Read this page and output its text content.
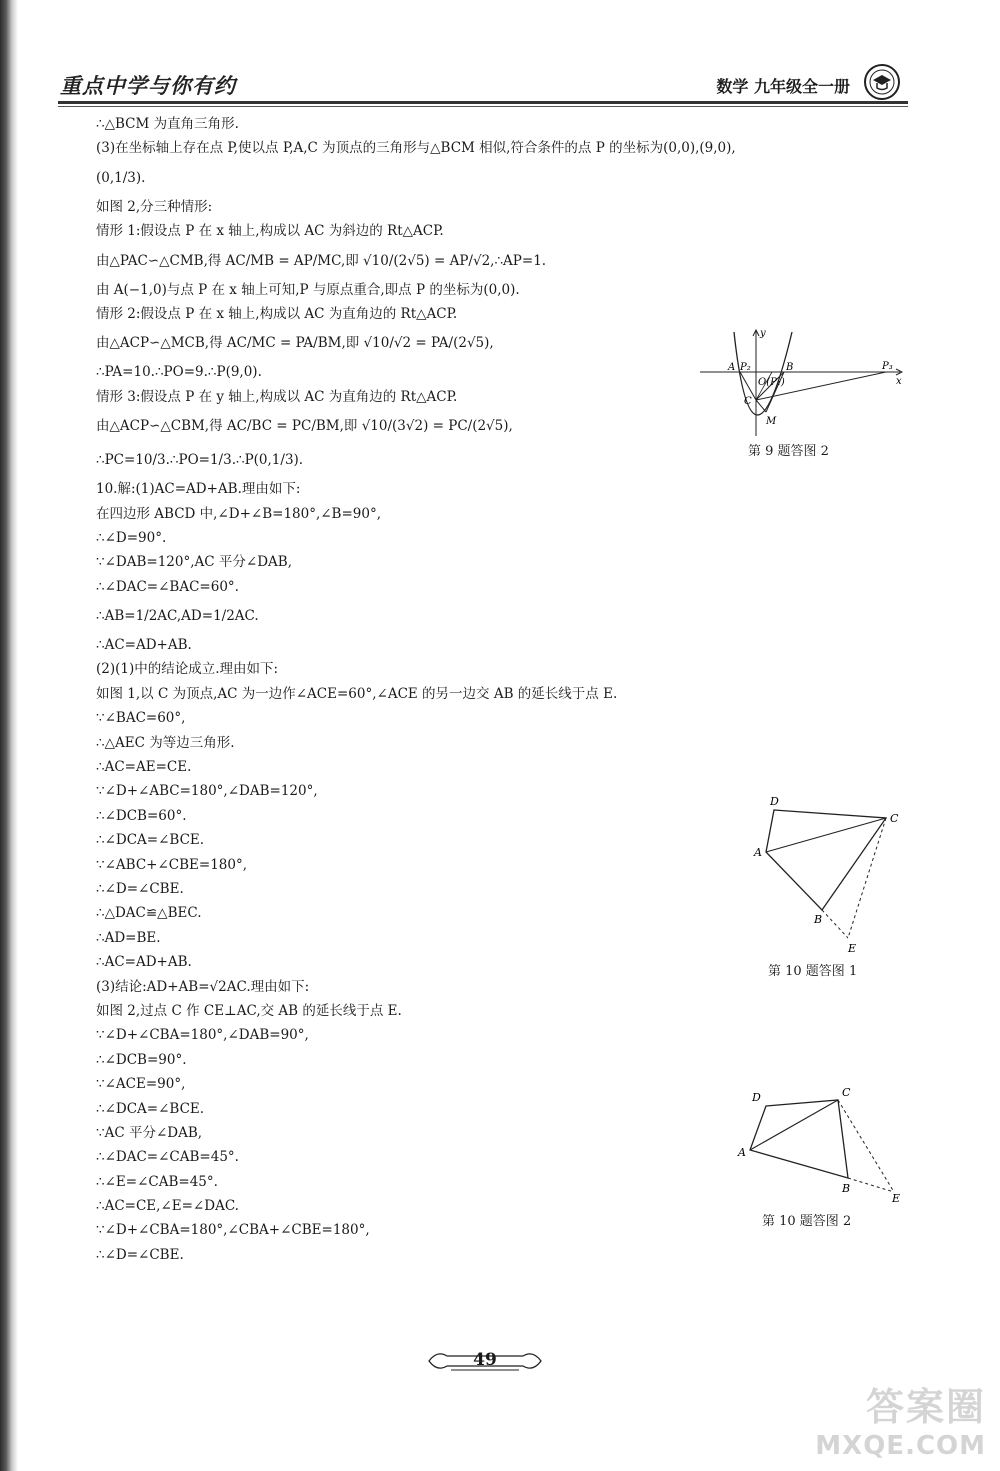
重点中学与你有约	数学 九年级全一册
∴△BCM 为直角三角形.
(3)在坐标轴上存在点 P,使以点 P,A,C 为顶点的三角形与△BCM 相似,符合条件的点 P 的坐标为(0,0),(9,0),
(0,1/3).
如图 2,分三种情形:
情形 1:假设点 P 在 x 轴上,构成以 AC 为斜边的 Rt△ACP.
由△PAC∽△CMB,得 AC/MB = AP/MC,即 √10/(2√5) = AP/√2,∴AP=1.
由 A(−1,0)与点 P 在 x 轴上可知,P 与原点重合,即点 P 的坐标为(0,0).
情形 2:假设点 P 在 x 轴上,构成以 AC 为直角边的 Rt△ACP.
由△ACP∽△MCB,得 AC/MC = PA/BM,即 √10/√2 = PA/(2√5),
∴PA=10.∴PO=9.∴P(9,0).
情形 3:假设点 P 在 y 轴上,构成以 AC 为直角边的 Rt△ACP.
由△ACP∽△CBM,得 AC/BC = PC/BM,即 √10/(3√2) = PC/(2√5),
∴PC=10/3.∴PO=1/3.∴P(0,1/3).
10.解:(1)AC=AD+AB.理由如下:
在四边形 ABCD 中,∠D+∠B=180°,∠B=90°,
∴∠D=90°.
∵∠DAB=120°,AC 平分∠DAB,
∴∠DAC=∠BAC=60°.
∴AB=1/2AC,AD=1/2AC.
∴AC=AD+AB.
(2)(1)中的结论成立.理由如下:
如图 1,以 C 为顶点,AC 为一边作∠ACE=60°,∠ACE 的另一边交 AB 的延长线于点 E.
∵∠BAC=60°,
∴△AEC 为等边三角形.
∴AC=AE=CE.
∵∠D+∠ABC=180°,∠DAB=120°,
∴∠DCB=60°.
∴∠DCA=∠BCE.
∵∠ABC+∠CBE=180°,
∴∠D=∠CBE.
∴△DAC≌△BEC.
∴AD=BE.
∴AC=AD+AB.
(3)结论:AD+AB=√2AC.理由如下:
如图 2,过点 C 作 CE⊥AC,交 AB 的延长线于点 E.
∵∠D+∠CBA=180°,∠DAB=90°,
∴∠DCB=90°.
∵∠ACE=90°,
∴∠DCA=∠BCE.
∵AC 平分∠DAB,
∴∠DAC=∠CAB=45°.
∴∠E=∠CAB=45°.
∴AC=CE,∠E=∠DAC.
∵∠D+∠CBA=180°,∠CBA+∠CBE=180°,
∴∠D=∠CBE.
y
x
A P₂
O(P₁)
B	P₃
C
M
第 9 题答图 2
D
C
A
B
E
第 10 题答图 1
D	C
A
B
E
第 10 题答图 2
49
答案圈
MXQE.COM
